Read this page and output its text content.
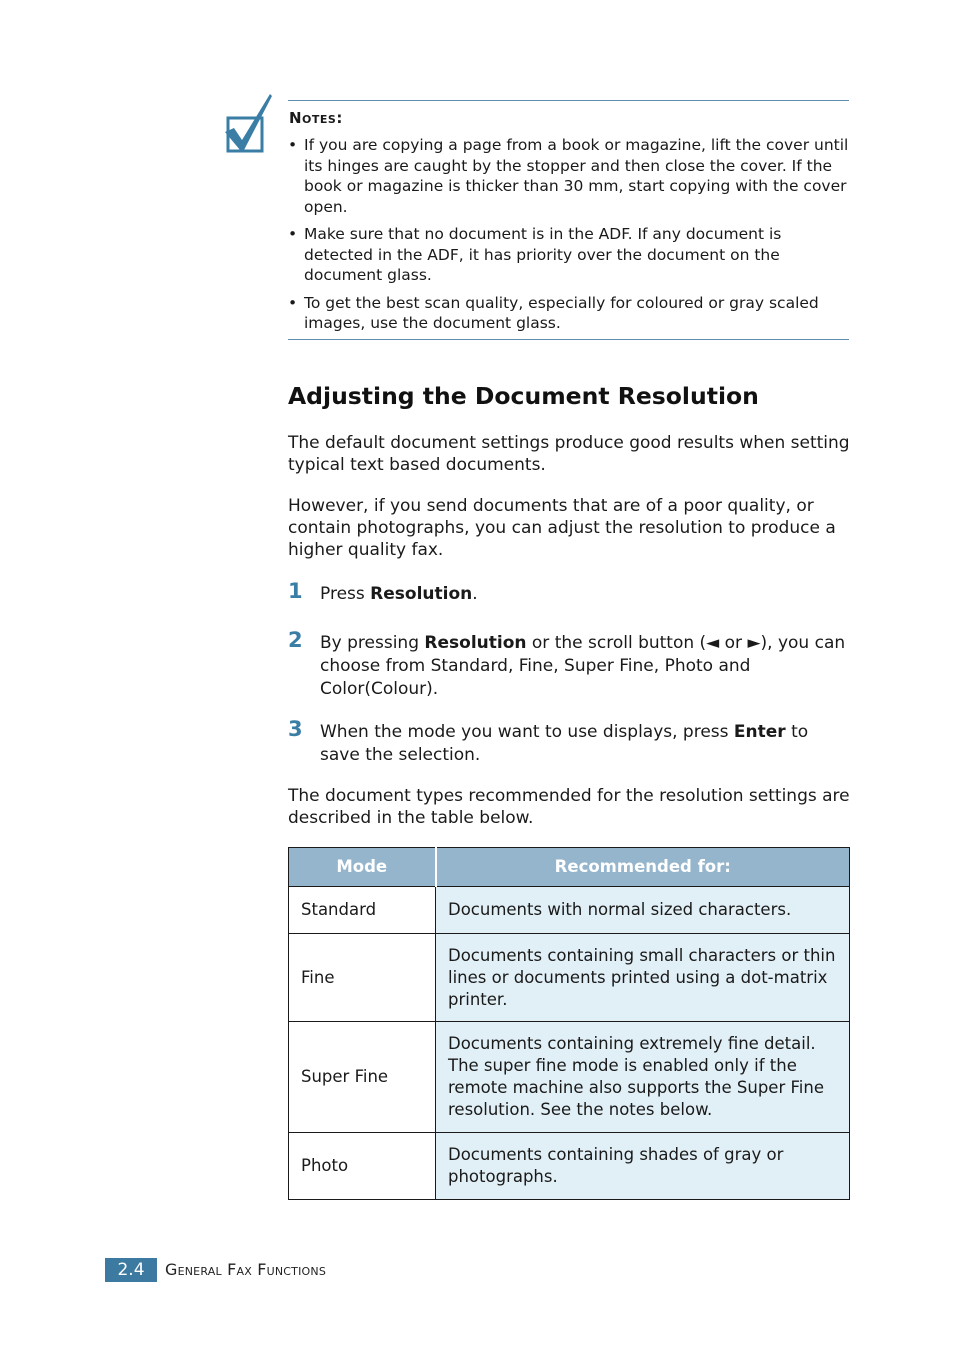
Notes:
• If you are copying a page from a book or magazine, lift the cover until its hinges are caught by the stopper and then close the cover. If the book or magazine is thicker than 30 mm, start copying with the cover open.
• Make sure that no document is in the ADF. If any document is detected in the ADF, it has priority over the document on the document glass.
• To get the best scan quality, especially for coloured or gray scaled images, use the document glass.
Adjusting the Document Resolution

The default document settings produce good results when setting typical text based documents.

However, if you send documents that are of a poor quality, or contain photographs, you can adjust the resolution to produce a higher quality fax.

1 Press Resolution.
2 By pressing Resolution or the scroll button (◄ or ►), you can choose from Standard, Fine, Super Fine, Photo and Color(Colour).
3 When the mode you want to use displays, press Enter to save the selection.

The document types recommended for the resolution settings are described in the table below.

Mode	Recommended for:
Standard	Documents with normal sized characters.
Fine	Documents containing small characters or thin lines or documents printed using a dot-matrix printer.
Super Fine	Documents containing extremely fine detail. The super fine mode is enabled only if the remote machine also supports the Super Fine resolution. See the notes below.
Photo	Documents containing shades of gray or photographs.
2.4	General Fax Functions
